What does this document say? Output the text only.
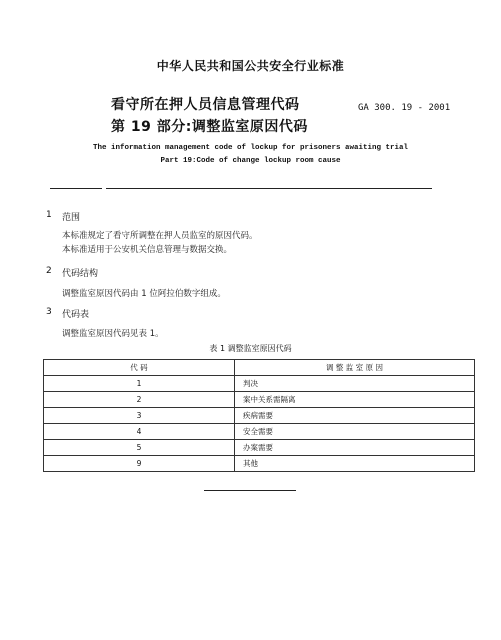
中华人民共和国公共安全行业标准
看守所在押人员信息管理代码
第 19 部分:调整监室原因代码
GA 300. 19 - 2001
The information management code of lockup for prisoners awaiting trial
Part 19:Code of change lockup room cause
1 范围
本标准规定了看守所调整在押人员监室的原因代码。
本标准适用于公安机关信息管理与数据交换。
2 代码结构
调整监室原因代码由 1 位阿拉伯数字组成。
3 代码表
调整监室原因代码见表 1。
表 1 调整监室原因代码
代 码	调 整 监 室 原 因
1	判决
2	案中关系需隔离
3	疾病需要
4	安全需要
5	办案需要
9	其他
